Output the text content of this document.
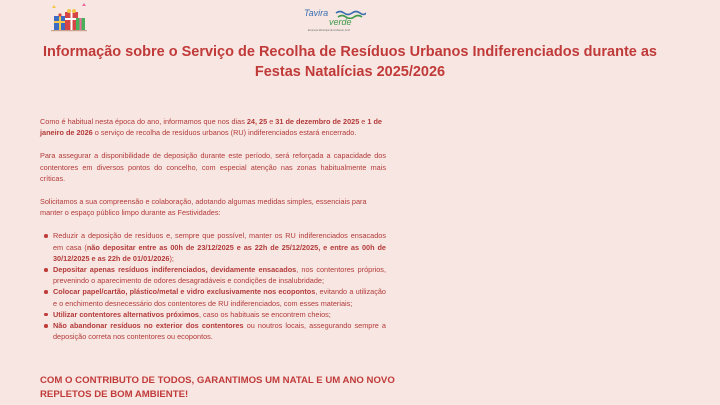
Tavira
verde
Empresa Municipal de Ambiente, E.M.
Informação sobre o Serviço de Recolha de Resíduos Urbanos Indiferenciados durante as Festas Natalícias 2025/2026

Como é habitual nesta época do ano, informamos que nos dias 24, 25 e 31 de dezembro de 2025 e 1 de janeiro de 2026 o serviço de recolha de resíduos urbanos (RU) indiferenciados estará encerrado.

Para assegurar a disponibilidade de deposição durante este período, será reforçada a capacidade dos contentores em diversos pontos do concelho, com especial atenção nas zonas habitualmente mais críticas.

Solicitamos a sua compreensão e colaboração, adotando algumas medidas simples, essenciais para manter o espaço público limpo durante as Festividades:

Reduzir a deposição de resíduos e, sempre que possível, manter os RU indiferenciados ensacados em casa (não depositar entre as 00h de 23/12/2025 e as 22h de 25/12/2025, e entre as 00h de 30/12/2025 e as 22h de 01/01/2026);
Depositar apenas resíduos indiferenciados, devidamente ensacados, nos contentores próprios, prevenindo o aparecimento de odores desagradáveis e condições de insalubridade;
Colocar papel/cartão, plástico/metal e vidro exclusivamente nos ecopontos, evitando a utilização e o enchimento desnecessário dos contentores de RU indiferenciados, com esses materiais;
Utilizar contentores alternativos próximos, caso os habituais se encontrem cheios;
Não abandonar resíduos no exterior dos contentores ou noutros locais, assegurando sempre a deposição correta nos contentores ou ecopontos.

COM O CONTRIBUTO DE TODOS, GARANTIMOS UM NATAL E UM ANO NOVO REPLETOS DE BOM AMBIENTE!
